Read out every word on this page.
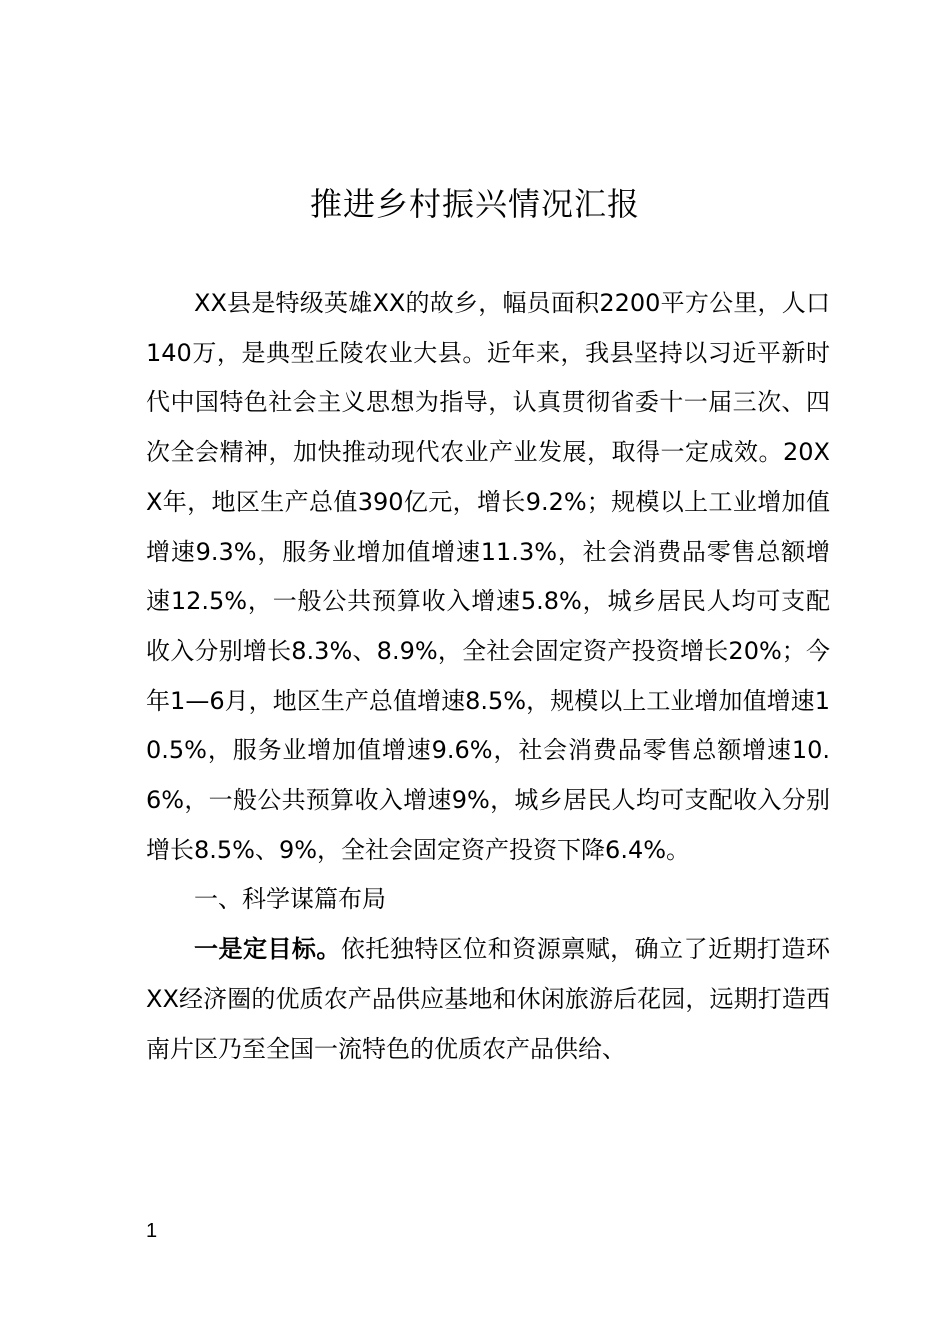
推进乡村振兴情况汇报

XX县是特级英雄XX的故乡，幅员面积2200平方公里，人口140万，是典型丘陵农业大县。近年来，我县坚持以习近平新时代中国特色社会主义思想为指导，认真贯彻省委十一届三次、四次全会精神，加快推动现代农业产业发展，取得一定成效。20XX年，地区生产总值390亿元，增长9.2%；规模以上工业增加值增速9.3%，服务业增加值增速11.3%，社会消费品零售总额增速12.5%，一般公共预算收入增速5.8%，城乡居民人均可支配收入分别增长8.3%、8.9%，全社会固定资产投资增长20%；今年1—6月，地区生产总值增速8.5%，规模以上工业增加值增速10.5%，服务业增加值增速9.6%，社会消费品零售总额增速10.6%，一般公共预算收入增速9%，城乡居民人均可支配收入分别增长8.5%、9%，全社会固定资产投资下降6.4%。

一、科学谋篇布局

一是定目标。依托独特区位和资源禀赋，确立了近期打造环XX经济圈的优质农产品供应基地和休闲旅游后花园，远期打造西南片区乃至全国一流特色的优质农产品供给、

1
